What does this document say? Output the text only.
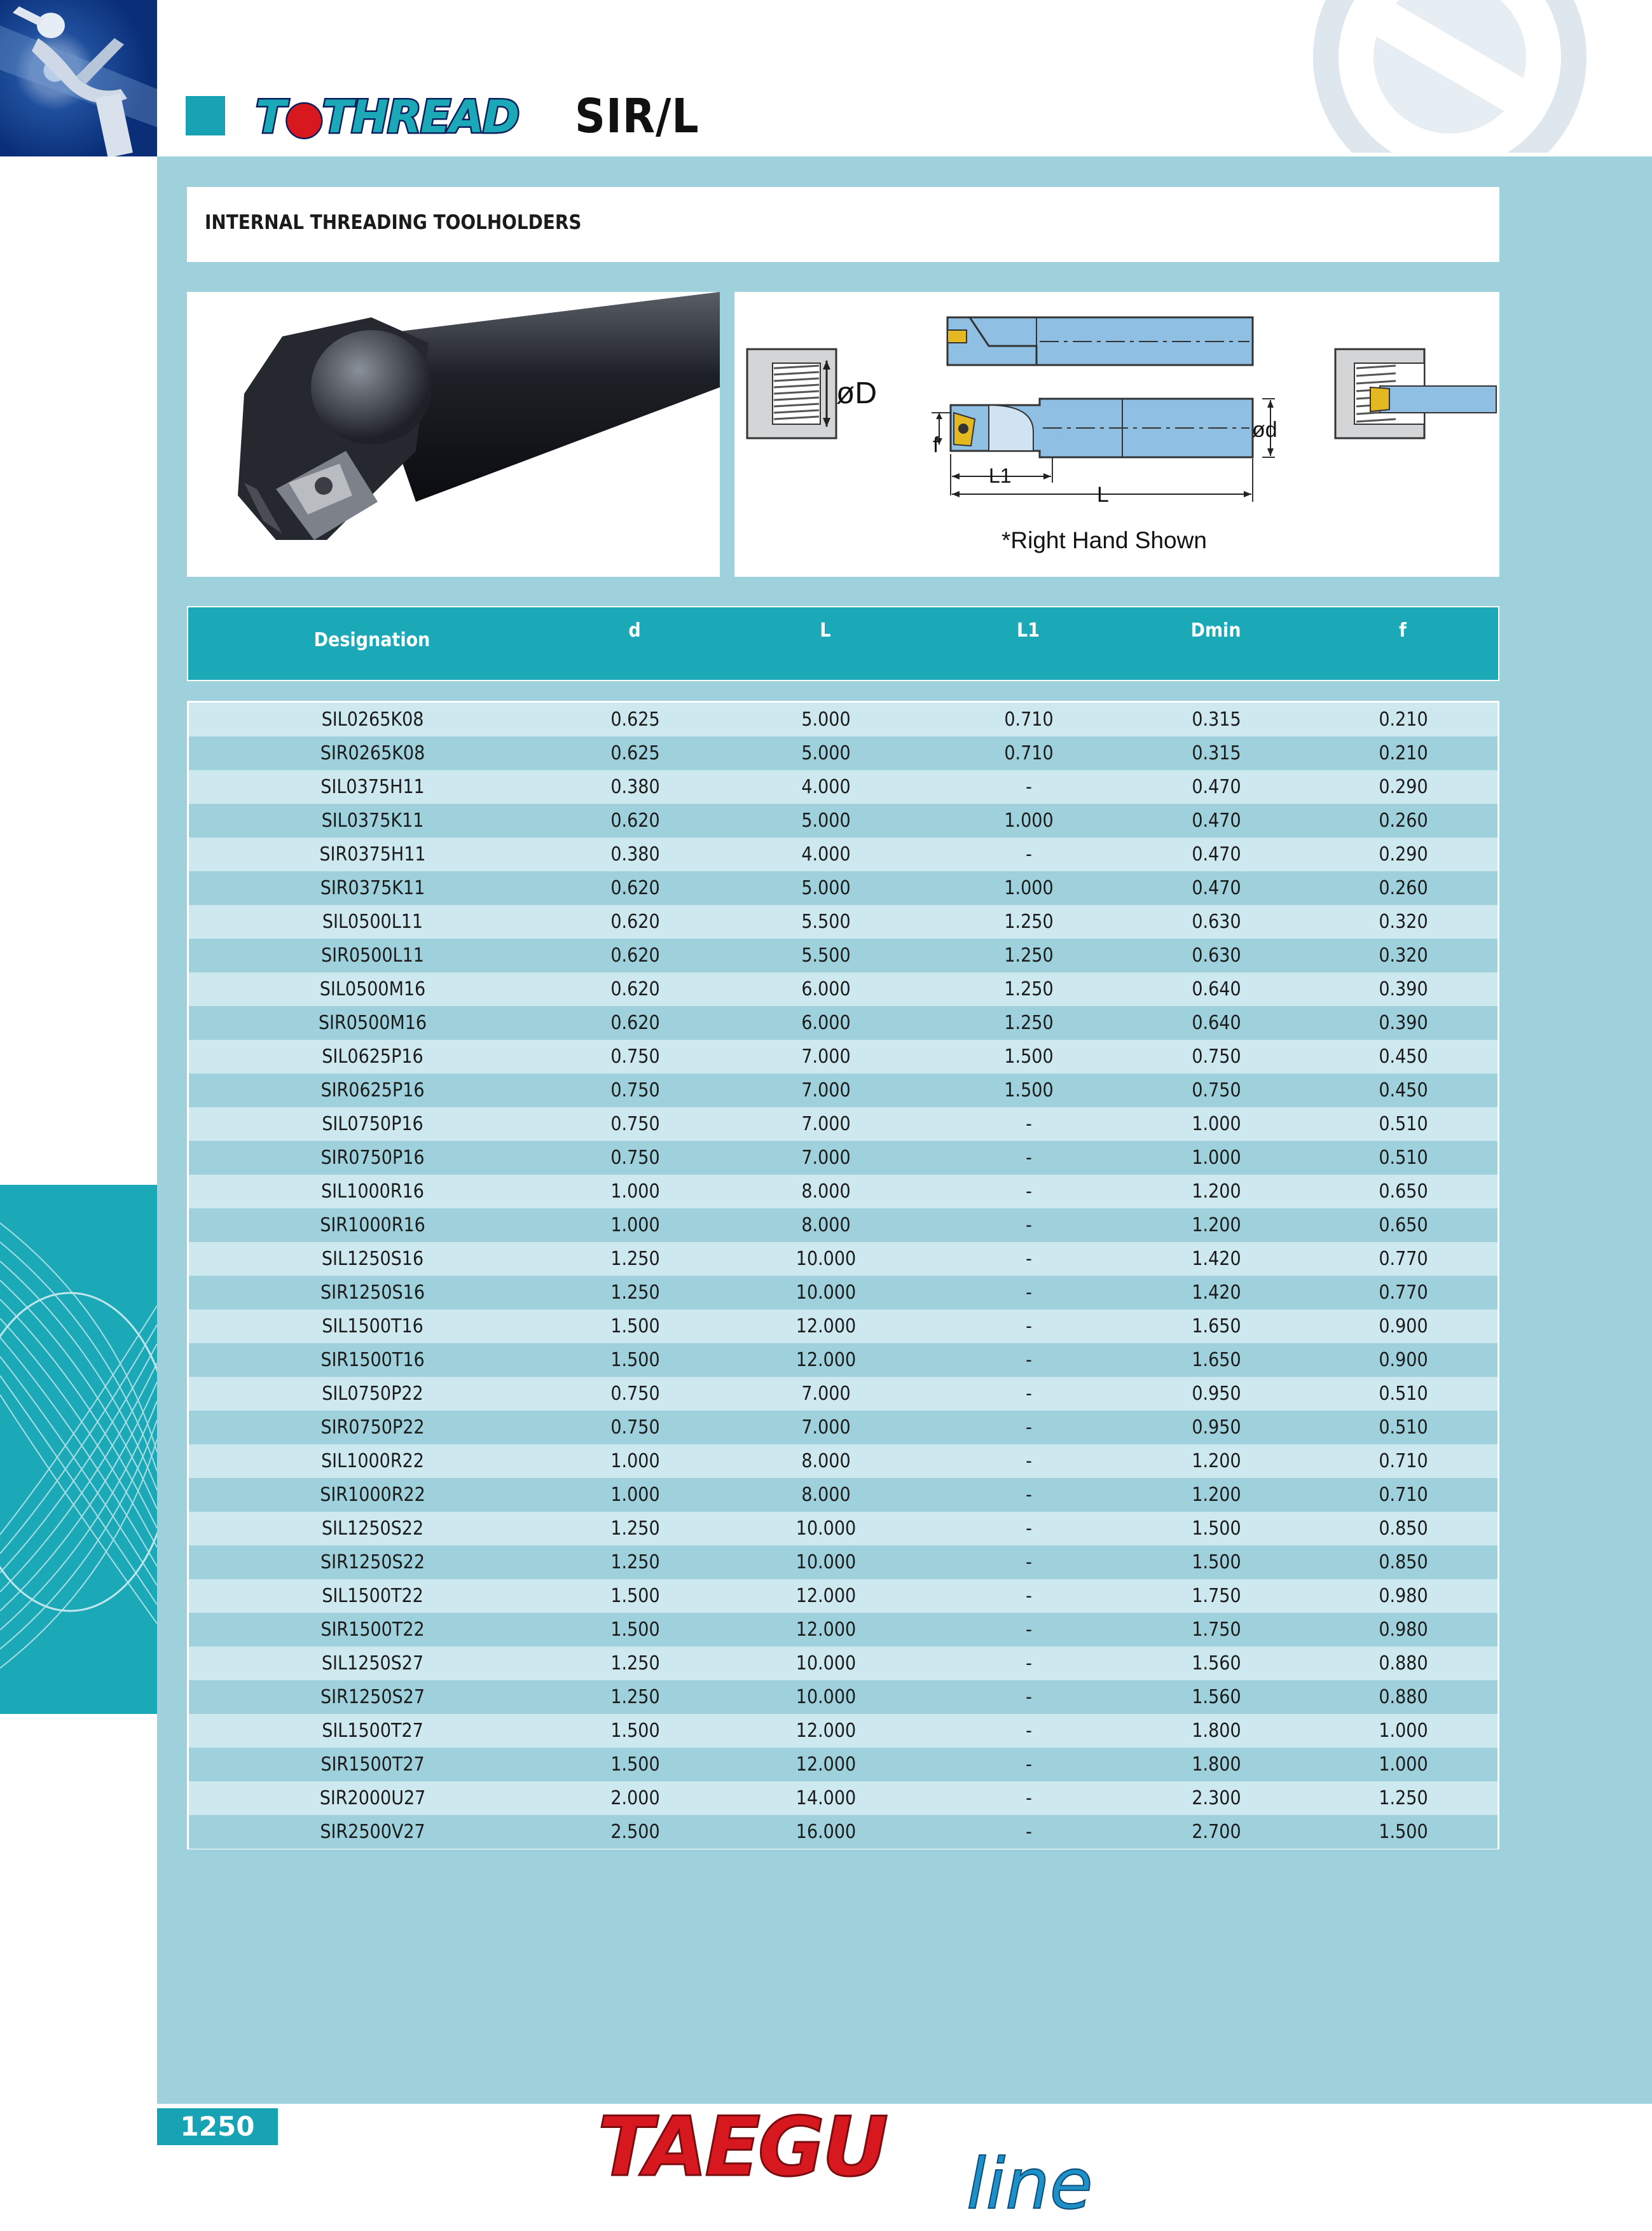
T●THREAD SIR/L
INTERNAL THREADING TOOLHOLDERS
øD
ød
f
L1
L
*Right Hand Shown
Designation	d	L	L1	Dmin	f
SIL0265K08	0.625	5.000	0.710	0.315	0.210
SIR0265K08	0.625	5.000	0.710	0.315	0.210
SIL0375H11	0.380	4.000	-	0.470	0.290
SIL0375K11	0.620	5.000	1.000	0.470	0.260
SIR0375H11	0.380	4.000	-	0.470	0.290
SIR0375K11	0.620	5.000	1.000	0.470	0.260
SIL0500L11	0.620	5.500	1.250	0.630	0.320
SIR0500L11	0.620	5.500	1.250	0.630	0.320
SIL0500M16	0.620	6.000	1.250	0.640	0.390
SIR0500M16	0.620	6.000	1.250	0.640	0.390
SIL0625P16	0.750	7.000	1.500	0.750	0.450
SIR0625P16	0.750	7.000	1.500	0.750	0.450
SIL0750P16	0.750	7.000	-	1.000	0.510
SIR0750P16	0.750	7.000	-	1.000	0.510
SIL1000R16	1.000	8.000	-	1.200	0.650
SIR1000R16	1.000	8.000	-	1.200	0.650
SIL1250S16	1.250	10.000	-	1.420	0.770
SIR1250S16	1.250	10.000	-	1.420	0.770
SIL1500T16	1.500	12.000	-	1.650	0.900
SIR1500T16	1.500	12.000	-	1.650	0.900
SIL0750P22	0.750	7.000	-	0.950	0.510
SIR0750P22	0.750	7.000	-	0.950	0.510
SIL1000R22	1.000	8.000	-	1.200	0.710
SIR1000R22	1.000	8.000	-	1.200	0.710
SIL1250S22	1.250	10.000	-	1.500	0.850
SIR1250S22	1.250	10.000	-	1.500	0.850
SIL1500T22	1.500	12.000	-	1.750	0.980
SIR1500T22	1.500	12.000	-	1.750	0.980
SIL1250S27	1.250	10.000	-	1.560	0.880
SIR1250S27	1.250	10.000	-	1.560	0.880
SIL1500T27	1.500	12.000	-	1.800	1.000
SIR1500T27	1.500	12.000	-	1.800	1.000
SIR2000U27	2.000	14.000	-	2.300	1.250
SIR2500V27	2.500	16.000	-	2.700	1.500
1250	TAEGU line
